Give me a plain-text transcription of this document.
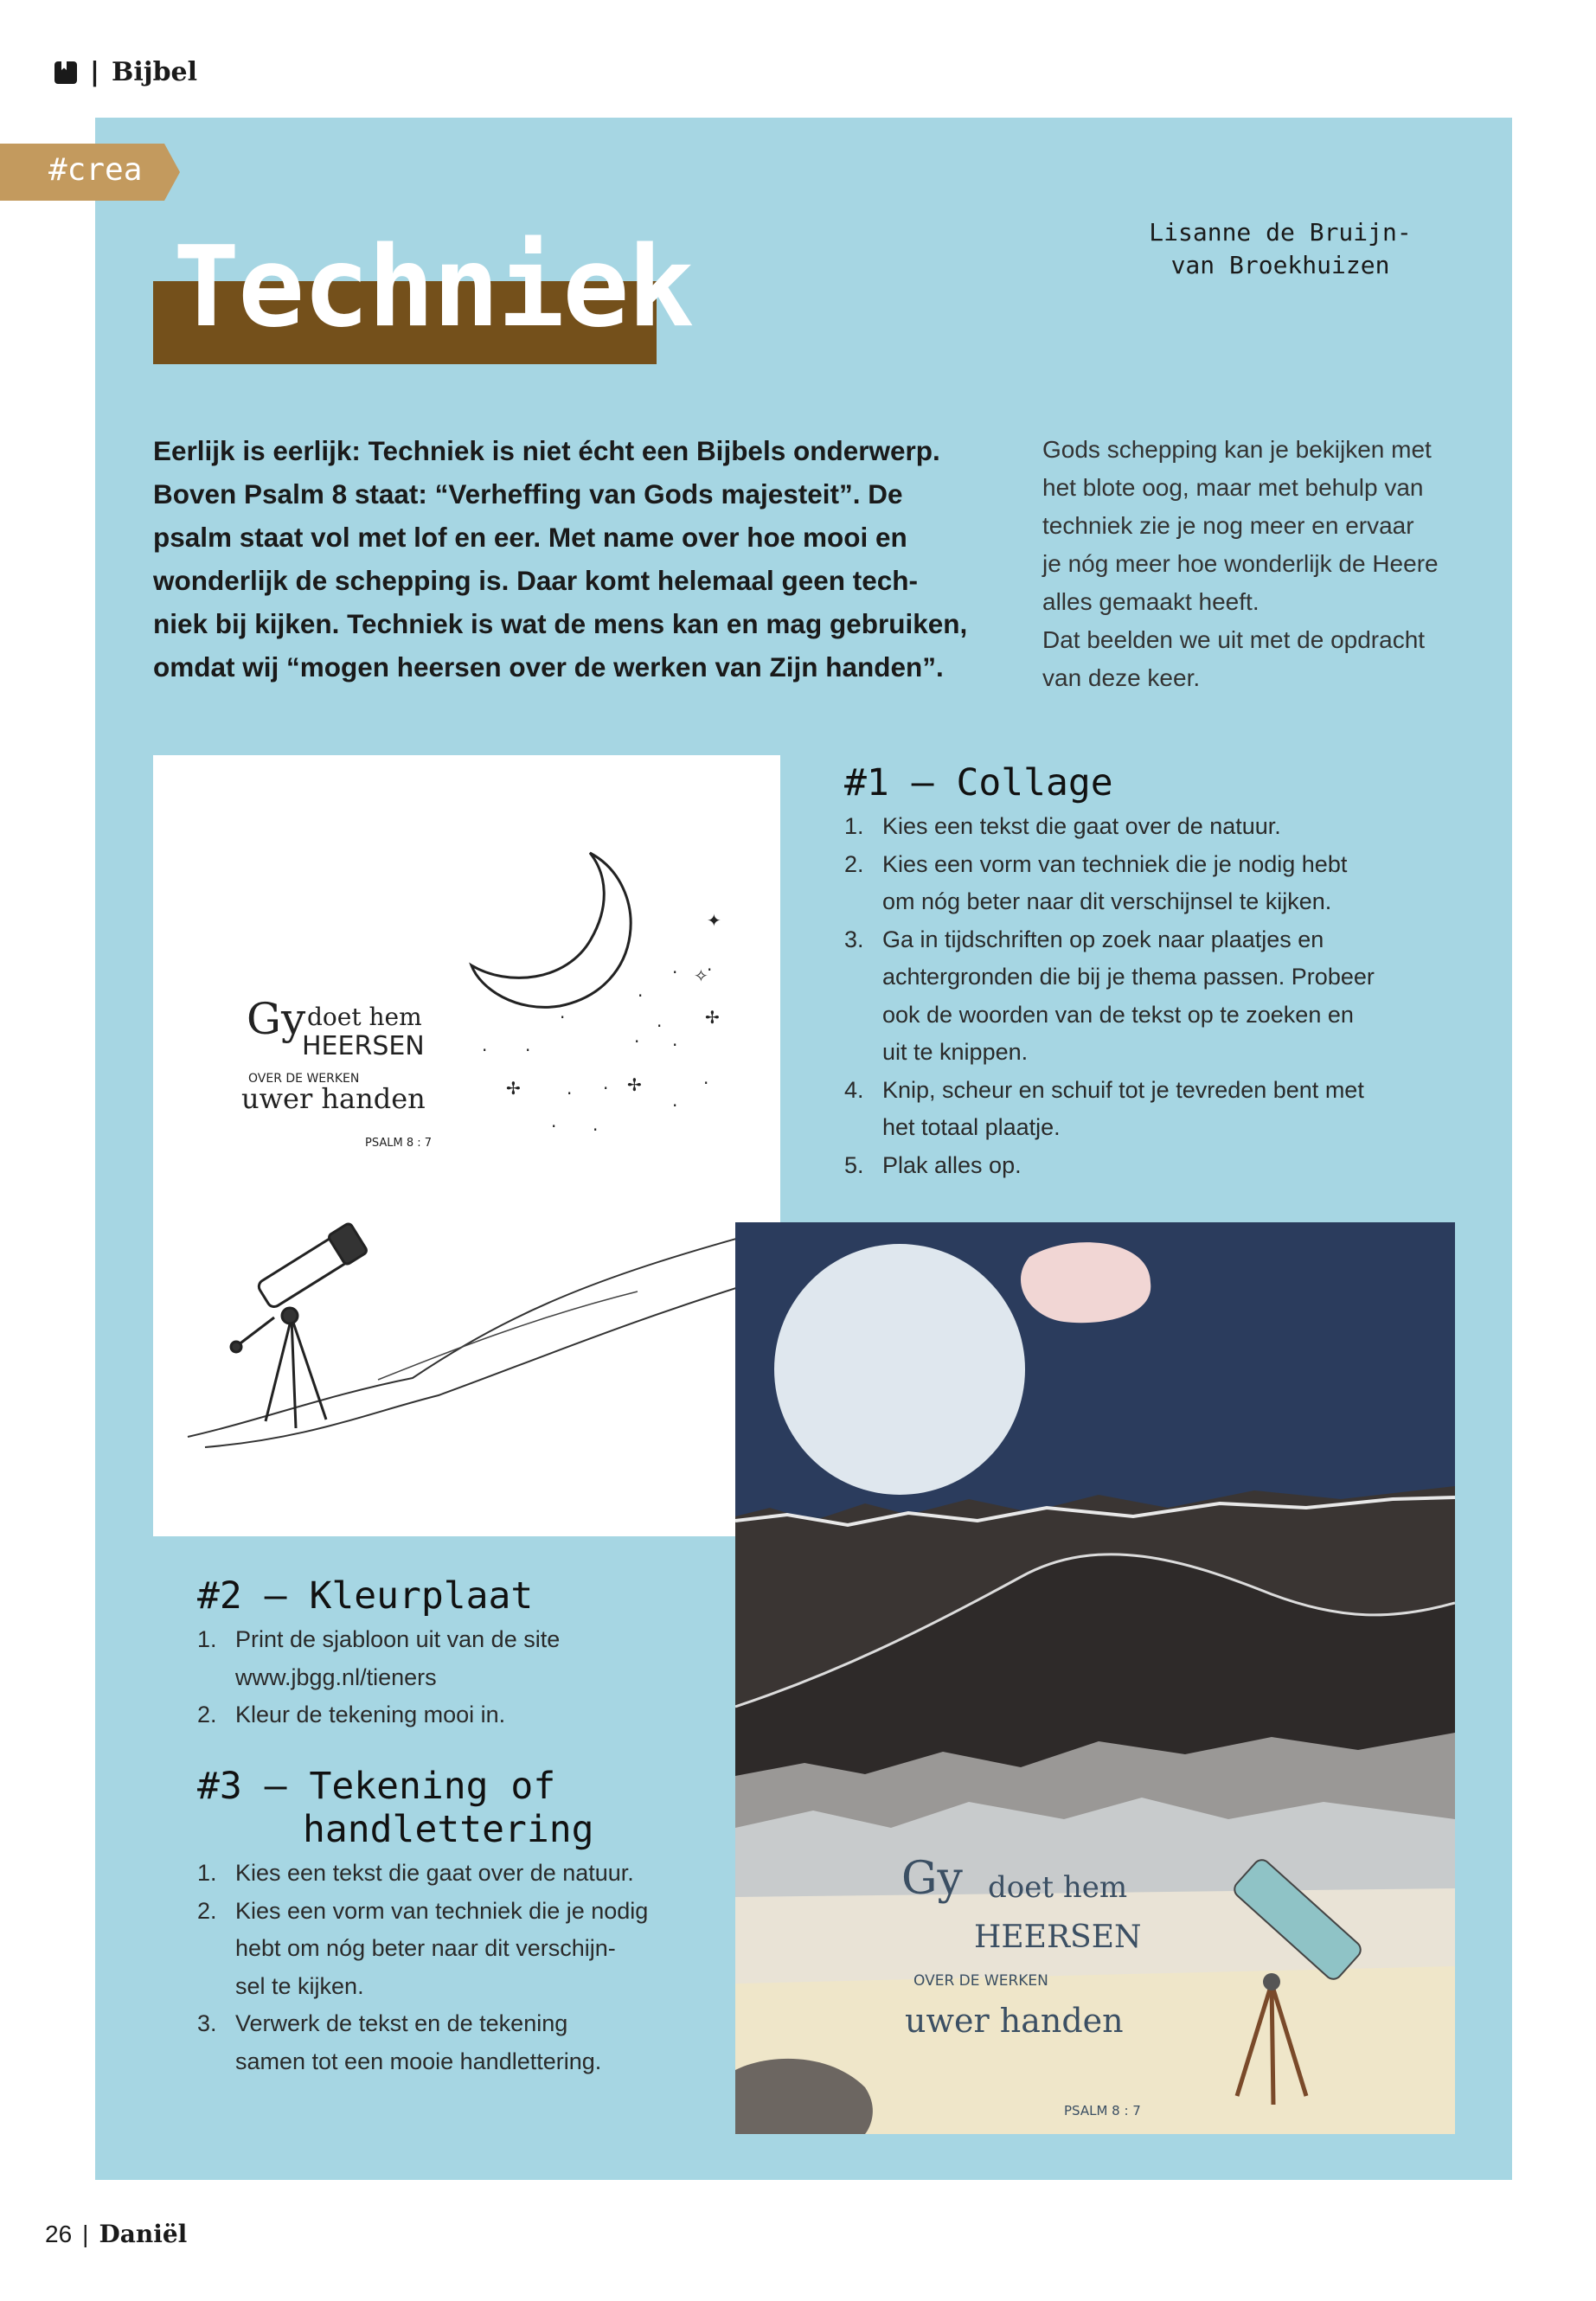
| Bijbel
#crea
Lisanne de Bruijn-
van Broekhuizen
Techniek
Eerlijk is eerlijk: Techniek is niet écht een Bijbels onderwerp.
Boven Psalm 8 staat: “Verheffing van Gods majesteit”. De
psalm staat vol met lof en eer. Met name over hoe mooi en
wonderlijk de schepping is. Daar komt helemaal geen tech-
niek bij kijken. Techniek is wat de mens kan en mag gebruiken,
omdat wij “mogen heersen over de werken van Zijn handen”.
Gods schepping kan je bekijken met
het blote oog, maar met behulp van
techniek zie je nog meer en ervaar
je nóg meer hoe wonderlijk de Heere
alles gemaakt heeft.
Dat beelden we uit met de opdracht
van deze keer.
✦
· ✧
·
·
✢
·
· ·
· ·
✢	· · ✢
·
· ·
·
·
Gy doet hem
HEERSEN
OVER DE WERKEN
uwer handen
PSALM 8 : 7
Gy doet hem
HEERSEN
OVER DE WERKEN
uwer handen
PSALM 8 : 7
#1 – Collage
1. Kies een tekst die gaat over de natuur.
2. Kies een vorm van techniek die je nodig hebt
om nóg beter naar dit verschijnsel te kijken.
3. Ga in tijdschriften op zoek naar plaatjes en
achtergronden die bij je thema passen. Probeer
ook de woorden van de tekst op te zoeken en
uit te knippen.
4. Knip, scheur en schuif tot je tevreden bent met
het totaal plaatje.
5. Plak alles op.
#2 – Kleurplaat
1. Print de sjabloon uit van de site
www.jbgg.nl/tieners
2. Kleur de tekening mooi in.
#3 – Tekening of
handlettering
1. Kies een tekst die gaat over de natuur.
2. Kies een vorm van techniek die je nodig
hebt om nóg beter naar dit verschijn-
sel te kijken.
3. Verwerk de tekst en de tekening
samen tot een mooie handlettering.
26 | Daniël
